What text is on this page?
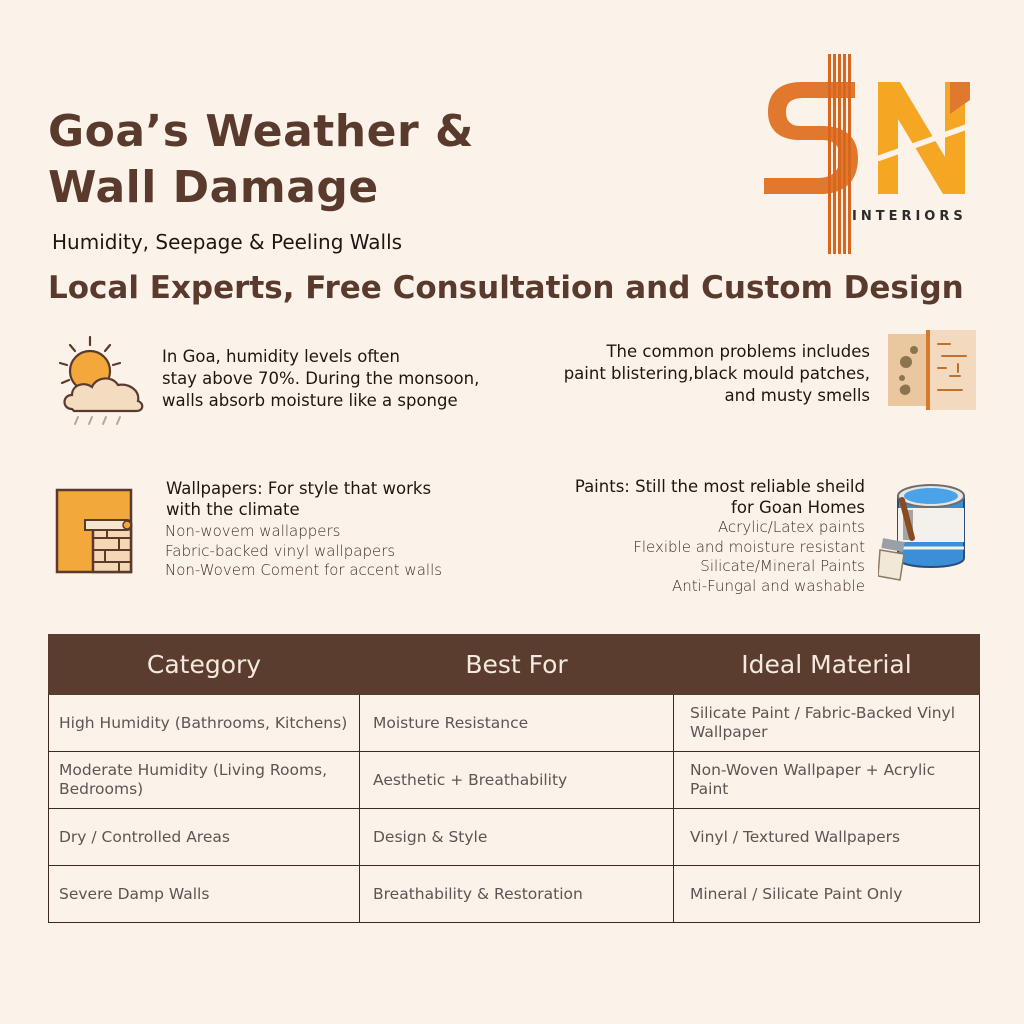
Goa’s Weather &
Wall Damage
Humidity, Seepage & Peeling Walls
Local Experts, Free Consultation and Custom Design
INTERIORS
In Goa, humidity levels often
stay above 70%. During the monsoon,
walls absorb moisture like a sponge
The common problems includes
paint blistering,black mould patches,
and musty smells
Wallpapers: For style that works
with the climate
Non-wovem wallappers
Fabric-backed vinyl wallpapers
Non-Wovem Coment for accent walls
Paints: Still the most reliable sheild
for Goan Homes
Acrylic/Latex paints
Flexible and moisture resistant
Silicate/Mineral Paints
Anti-Fungal and washable
Category	Best For	Ideal Material
High Humidity (Bathrooms, Kitchens)	Moisture Resistance	Silicate Paint / Fabric-Backed Vinyl Wallpaper
Moderate Humidity (Living Rooms, Bedrooms)	Aesthetic + Breathability	Non-Woven Wallpaper + Acrylic Paint
Dry / Controlled Areas	Design & Style	Vinyl / Textured Wallpapers
Severe Damp Walls	Breathability & Restoration	Mineral / Silicate Paint Only
